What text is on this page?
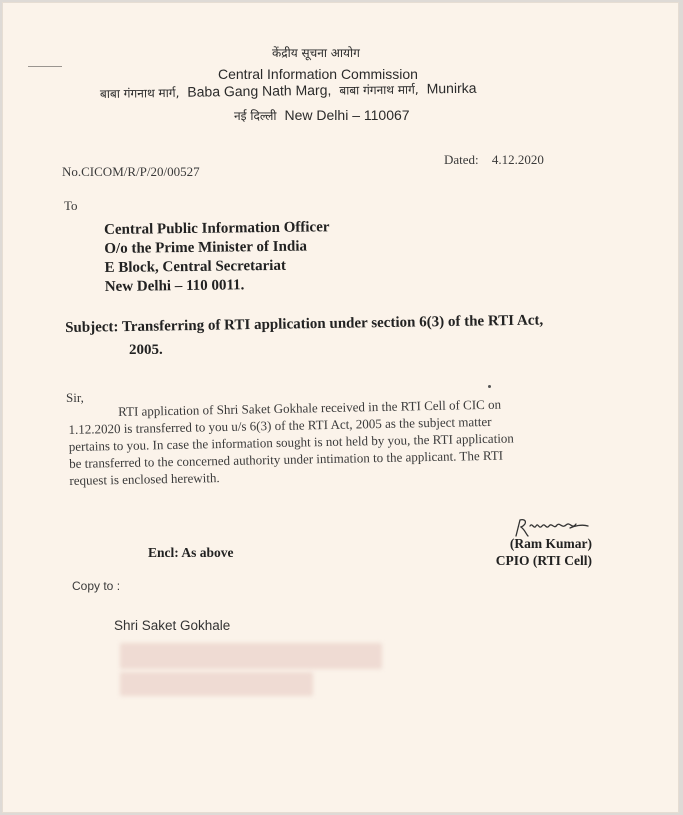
केंद्रीय सूचना आयोग
Central Information Commission
बाबा गंगनाथ मार्ग, Baba Gang Nath Marg, बाबा गंगनाथ मार्ग, Munirka
नई दिल्ली New Delhi – 110067
No.CICOM/R/P/20/00527
Dated: 4.12.2020
To
Central Public Information Officer
O/o the Prime Minister of India
E Block, Central Secretariat
New Delhi – 110 0011.
Subject: Transferring of RTI application under section 6(3) of the RTI Act,
2005.
Sir,	RTI application of Shri Saket Gokhale received in the RTI Cell of CIC on
1.12.2020 is transferred to you u/s 6(3) of the RTI Act, 2005 as the subject matter
pertains to you. In case the information sought is not held by you, the RTI application
be transferred to the concerned authority under intimation to the applicant. The RTI
request is enclosed herewith.
(Ram Kumar)
CPIO (RTI Cell)
Encl: As above
Copy to :
Shri Saket Gokhale
